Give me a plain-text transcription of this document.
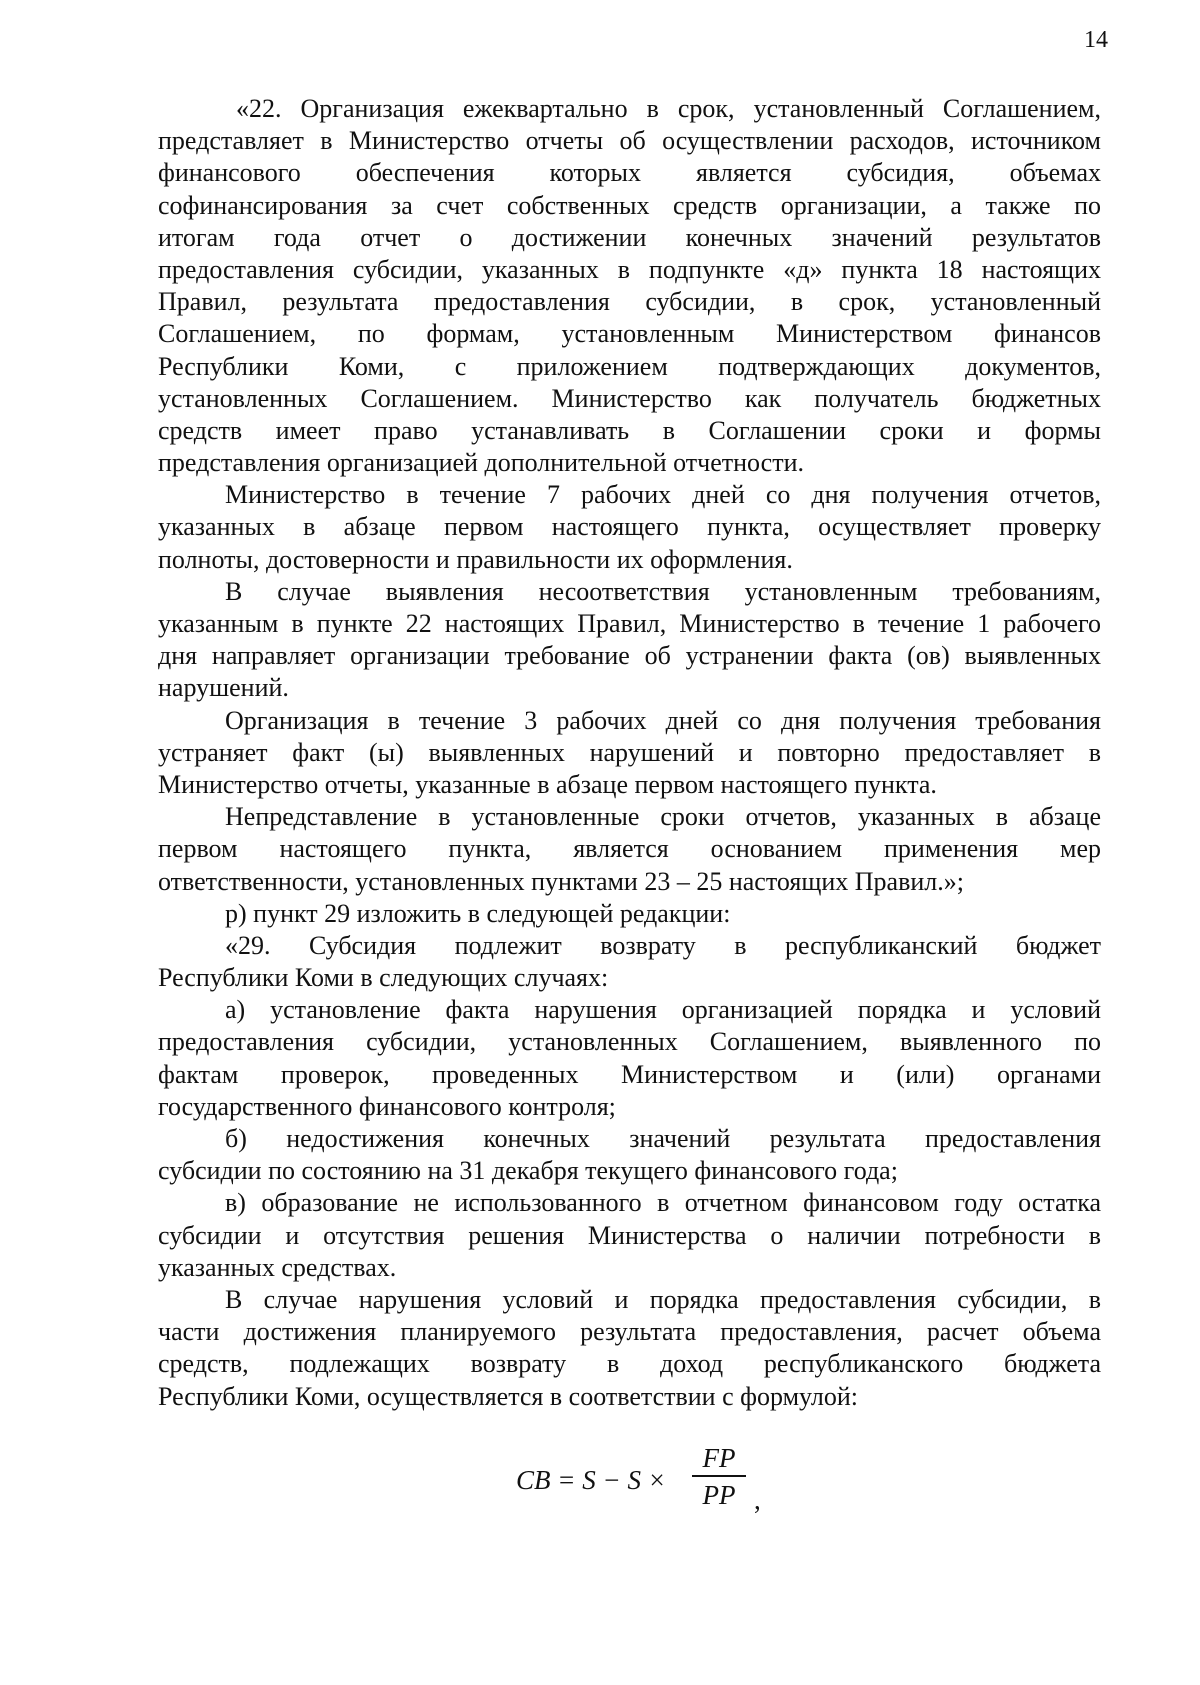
14
«22. Организация ежеквартально в срок, установленный Соглашением,
представляет в Министерство отчеты об осуществлении расходов, источником
финансового обеспечения которых является субсидия, объемах
софинансирования за счет собственных средств организации, а также по
итогам года отчет о достижении конечных значений результатов
предоставления субсидии, указанных в подпункте «д» пункта 18 настоящих
Правил, результата предоставления субсидии, в срок, установленный
Соглашением, по формам, установленным Министерством финансов
Республики Коми, с приложением подтверждающих документов,
установленных Соглашением. Министерство как получатель бюджетных
средств имеет право устанавливать в Соглашении сроки и формы
представления организацией дополнительной отчетности.
Министерство в течение 7 рабочих дней со дня получения отчетов,
указанных в абзаце первом настоящего пункта, осуществляет проверку
полноты, достоверности и правильности их оформления.
В случае выявления несоответствия установленным требованиям,
указанным в пункте 22 настоящих Правил, Министерство в течение 1 рабочего
дня направляет организации требование об устранении факта (ов) выявленных
нарушений.
Организация в течение 3 рабочих дней со дня получения требования
устраняет факт (ы) выявленных нарушений и повторно предоставляет в
Министерство отчеты, указанные в абзаце первом настоящего пункта.
Непредставление в установленные сроки отчетов, указанных в абзаце
первом настоящего пункта, является основанием применения мер
ответственности, установленных пунктами 23 – 25 настоящих Правил.»;
р) пункт 29 изложить в следующей редакции:
«29. Субсидия подлежит возврату в республиканский бюджет
Республики Коми в следующих случаях:
а) установление факта нарушения организацией порядка и условий
предоставления субсидии, установленных Соглашением, выявленного по
фактам проверок, проведенных Министерством и (или) органами
государственного финансового контроля;
б) недостижения конечных значений результата предоставления
субсидии по состоянию на 31 декабря текущего финансового года;
в) образование не использованного в отчетном финансовом году остатка
субсидии и отсутствия решения Министерства о наличии потребности в
указанных средствах.
В случае нарушения условий и порядка предоставления субсидии, в
части достижения планируемого результата предоставления, расчет объема
средств, подлежащих возврату в доход республиканского бюджета
Республики Коми, осуществляется в соответствии с формулой:
CB = S − S ×
FP
PP ,
